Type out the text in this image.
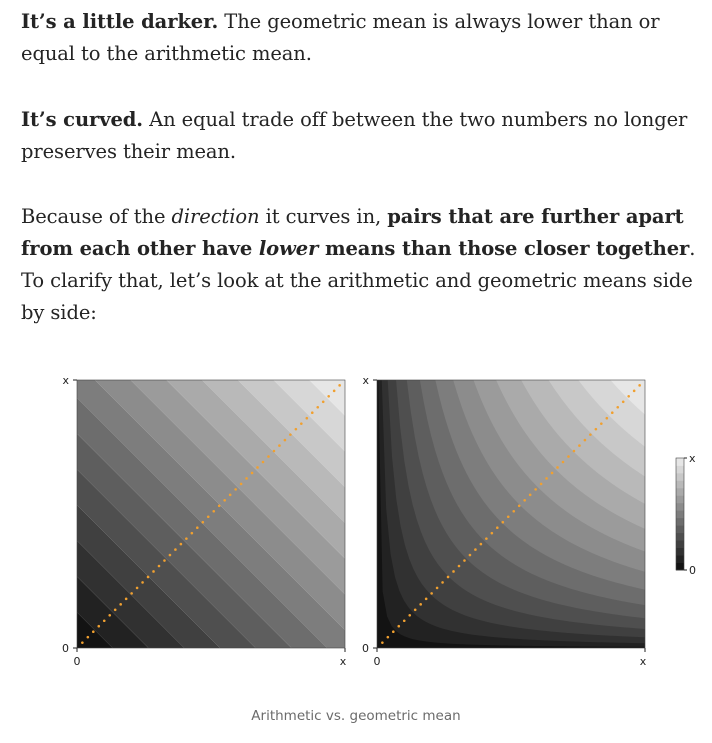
It’s a little darker. The geometric mean is always lower than or equal to the arithmetic mean.
It’s curved. An equal trade off between the two numbers no longer preserves their mean.
Because of the direction it curves in, pairs that are further apart from each other have lower means than those closer together. To clarify that, let’s look at the arithmetic and geometric means side by side:
x
0
0	x
x
0
0	x
x
0
Arithmetic vs. geometric mean
